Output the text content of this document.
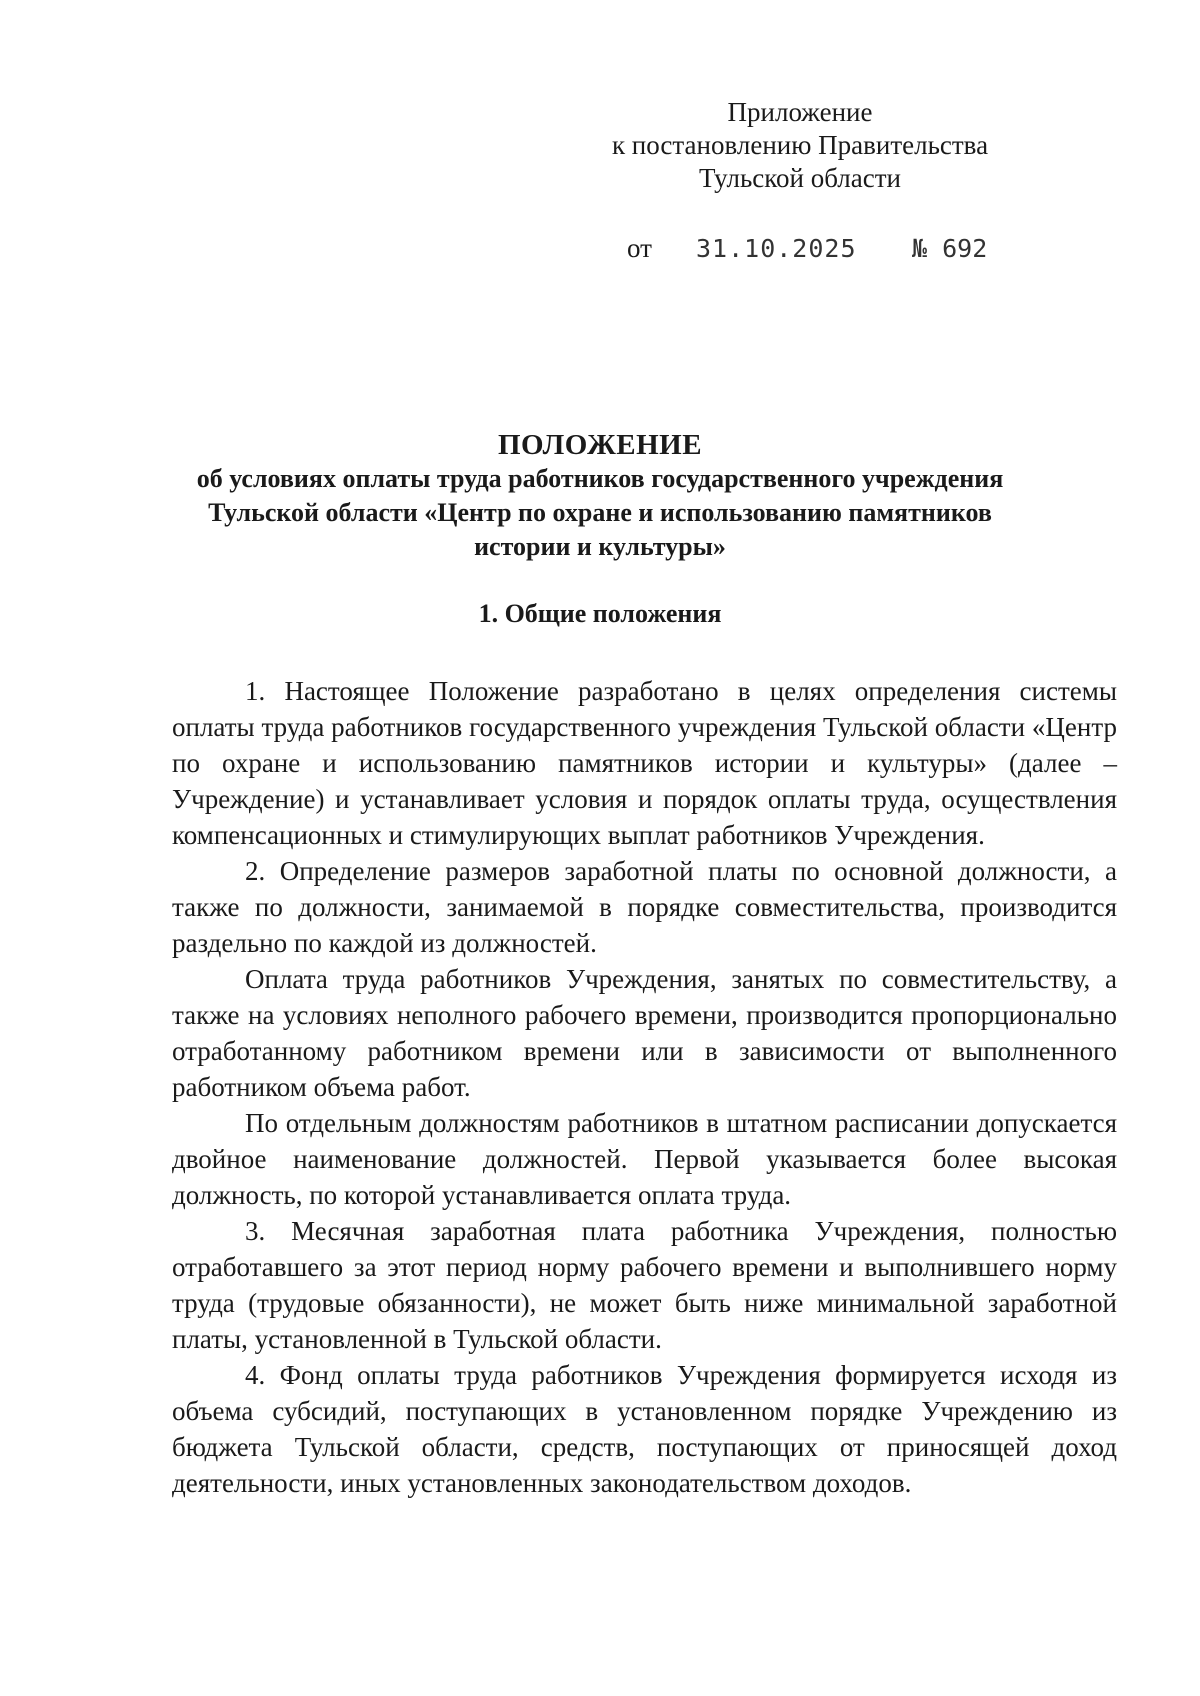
Приложение
к постановлению Правительства
Тульской области
от 31.10.2025 № 692
ПОЛОЖЕНИЕ
об условиях оплаты труда работников государственного учреждения
Тульской области «Центр по охране и использованию памятников
истории и культуры»
1. Общие положения

1. Настоящее Положение разработано в целях определения системы оплаты труда работников государственного учреждения Тульской области «Центр по охране и использованию памятников истории и культуры» (далее – Учреждение) и устанавливает условия и порядок оплаты труда, осуществления компенсационных и стимулирующих выплат работников Учреждения.

2. Определение размеров заработной платы по основной должности, а также по должности, занимаемой в порядке совместительства, производится раздельно по каждой из должностей.

Оплата труда работников Учреждения, занятых по совместительству, а также на условиях неполного рабочего времени, производится пропорционально отработанному работником времени или в зависимости от выполненного работником объема работ.

По отдельным должностям работников в штатном расписании допускается двойное наименование должностей. Первой указывается более высокая должность, по которой устанавливается оплата труда.

3. Месячная заработная плата работника Учреждения, полностью отработавшего за этот период норму рабочего времени и выполнившего норму труда (трудовые обязанности), не может быть ниже минимальной заработной платы, установленной в Тульской области.

4. Фонд оплаты труда работников Учреждения формируется исходя из объема субсидий, поступающих в установленном порядке Учреждению из бюджета Тульской области, средств, поступающих от приносящей доход деятельности, иных установленных законодательством доходов.
